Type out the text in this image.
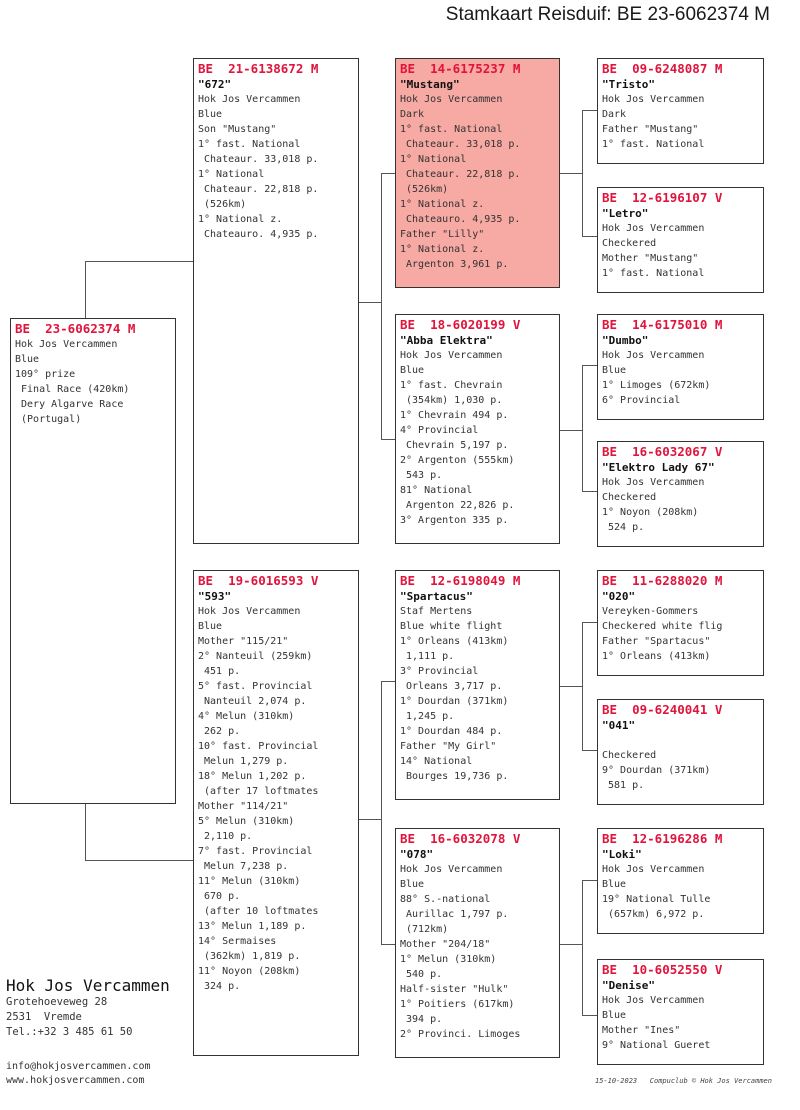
Stamkaart Reisduif: BE 23-6062374 M
BE  23-6062374 M
Hok Jos Vercammen
Blue
109° prize
Final Race (420km)
Dery Algarve Race
(Portugal)
BE  21-6138672 M
"672"
Hok Jos Vercammen
Blue
Son "Mustang"
1° fast. National
Chateaur. 33,018 p.
1° National
Chateaur. 22,818 p.
(526km)
1° National z.
Chateauro. 4,935 p.
BE  19-6016593 V
"593"
Hok Jos Vercammen
Blue
Mother "115/21"
2° Nanteuil (259km)
451 p.
5° fast. Provincial
Nanteuil 2,074 p.
4° Melun (310km)
262 p.
10° fast. Provincial
Melun 1,279 p.
18° Melun 1,202 p.
(after 17 loftmates
Mother "114/21"
5° Melun (310km)
2,110 p.
7° fast. Provincial
Melun 7,238 p.
11° Melun (310km)
670 p.
(after 10 loftmates
13° Melun 1,189 p.
14° Sermaises
(362km) 1,819 p.
11° Noyon (208km)
324 p.
BE  14-6175237 M
"Mustang"
Hok Jos Vercammen
Dark
1° fast. National
Chateaur. 33,018 p.
1° National
Chateaur. 22,818 p.
(526km)
1° National z.
Chateauro. 4,935 p.
Father "Lilly"
1° National z.
Argenton 3,961 p.
BE  18-6020199 V
"Abba Elektra"
Hok Jos Vercammen
Blue
1° fast. Chevrain
(354km) 1,030 p.
1° Chevrain 494 p.
4° Provincial
Chevrain 5,197 p.
2° Argenton (555km)
543 p.
81° National
Argenton 22,826 p.
3° Argenton 335 p.
BE  12-6198049 M
"Spartacus"
Staf Mertens
Blue white flight
1° Orleans (413km)
1,111 p.
3° Provincial
Orleans 3,717 p.
1° Dourdan (371km)
1,245 p.
1° Dourdan 484 p.
Father "My Girl"
14° National
Bourges 19,736 p.
BE  16-6032078 V
"078"
Hok Jos Vercammen
Blue
88° S.-national
Aurillac 1,797 p.
(712km)
Mother "204/18"
1° Melun (310km)
540 p.
Half-sister "Hulk"
1° Poitiers (617km)
394 p.
2° Provinci. Limoges
BE  09-6248087 M
"Tristo"
Hok Jos Vercammen
Dark
Father "Mustang"
1° fast. National
BE  12-6196107 V
"Letro"
Hok Jos Vercammen
Checkered
Mother "Mustang"
1° fast. National
BE  14-6175010 M
"Dumbo"
Hok Jos Vercammen
Blue
1° Limoges (672km)
6° Provincial
BE  16-6032067 V
"Elektro Lady 67"
Hok Jos Vercammen
Checkered
1° Noyon (208km)
524 p.
BE  11-6288020 M
"020"
Vereyken-Gommers
Checkered white flig
Father "Spartacus"
1° Orleans (413km)
BE  09-6240041 V
"041"
Checkered
9° Dourdan (371km)
581 p.
BE  12-6196286 M
"Loki"
Hok Jos Vercammen
Blue
19° National Tulle
(657km) 6,972 p.
BE  10-6052550 V
"Denise"
Hok Jos Vercammen
Blue
Mother "Ines"
9° National Gueret
Hok Jos Vercammen
Grotehoeveweg 28
2531  Vremde
Tel.:+32 3 485 61 50
info@hokjosvercammen.com
www.hokjosvercammen.com	15-10-2023   Compuclub © Hok Jos Vercammen
